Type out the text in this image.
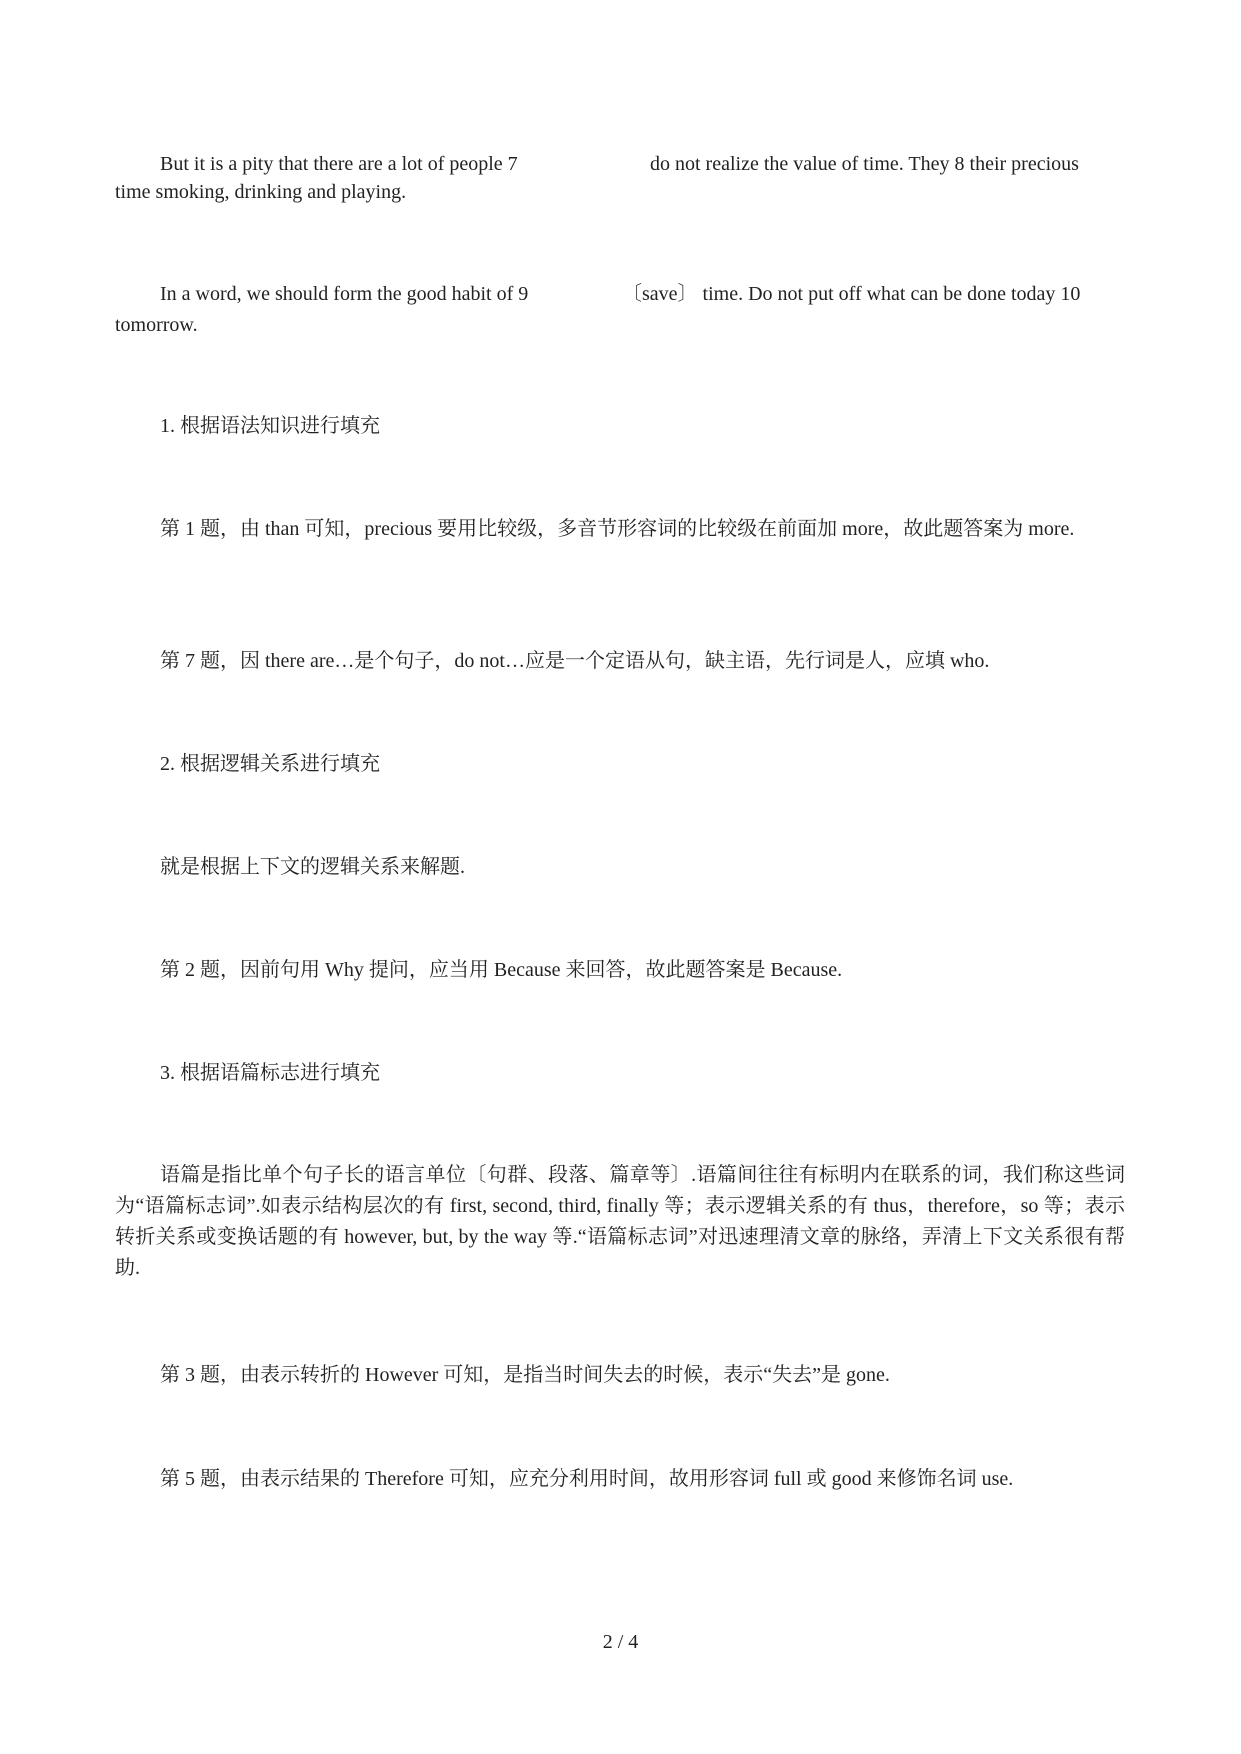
But it is a pity that there are a lot of people 7	do not realize the value of time. They 8 their precious
time smoking, drinking and playing.
In a word, we should form the good habit of 9	〔save〕 time. Do not put off what can be done today 10
tomorrow.
1. 根据语法知识进行填充

第 1 题，由 than 可知，precious 要用比较级，多音节形容词的比较级在前面加 more，故此题答案为 more.

第 7 题，因 there are…是个句子，do not…应是一个定语从句，缺主语，先行词是人，应填 who.
2. 根据逻辑关系进行填充
就是根据上下文的逻辑关系来解题.
第 2 题，因前句用 Why 提问，应当用 Because 来回答，故此题答案是 Because.
3. 根据语篇标志进行填充

语篇是指比单个句子长的语言单位〔句群、段落、篇章等〕.语篇间往往有标明内在联系的词，我们称这些词为“语篇标志词”.如表示结构层次的有 first, second, third, finally 等；表示逻辑关系的有 thus，therefore，so 等；表示转折关系或变换话题的有 however, but, by the way 等.“语篇标志词”对迅速理清文章的脉络，弄清上下文关系很有帮助.

第 3 题，由表示转折的 However 可知，是指当时间失去的时候，表示“失去”是 gone.
第 5 题，由表示结果的 Therefore 可知，应充分利用时间，故用形容词 full 或 good 来修饰名词 use.
2 / 4
